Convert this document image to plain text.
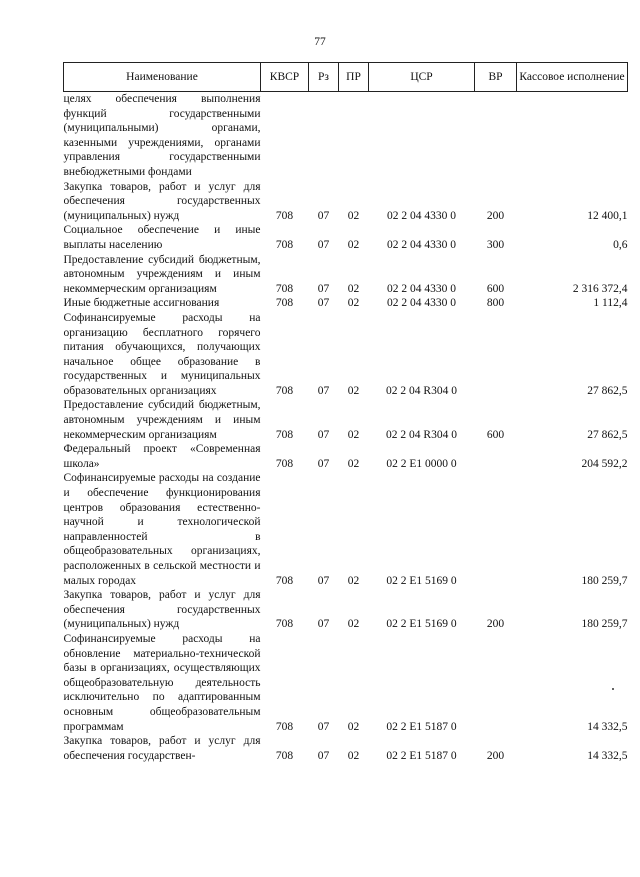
77
Наименование	КВСР	Рз	ПР	ЦСР	ВР	Кассовое исполнение
целях обеспечения выполнения функций государственными (муниципальными) органами, казенными учреждениями, органами управления государственными внебюджетными фондами						
Закупка товаров, работ и услуг для обеспечения государственных (муниципальных) нужд	708	07	02	02 2 04 4330 0	200	12 400,1
Социальное обеспечение и иные выплаты населению	708	07	02	02 2 04 4330 0	300	0,6
Предоставление субсидий бюджетным, автономным учреждениям и иным некоммерческим организациям	708	07	02	02 2 04 4330 0	600	2 316 372,4
Иные бюджетные ассигнования	708	07	02	02 2 04 4330 0	800	1 112,4
Софинансируемые расходы на организацию бесплатного горячего питания обучающихся, получающих начальное общее образование в государственных и муниципальных образовательных организациях	708	07	02	02 2 04 R304 0		27 862,5
Предоставление субсидий бюджетным, автономным учреждениям и иным некоммерческим организациям	708	07	02	02 2 04 R304 0	600	27 862,5
Федеральный проект «Современная школа»	708	07	02	02 2 E1 0000 0		204 592,2
Софинансируемые расходы на создание и обеспечение функционирования центров образования естественно-научной и технологической направленностей в общеобразовательных организациях, расположенных в сельской местности и малых городах	708	07	02	02 2 E1 5169 0		180 259,7
Закупка товаров, работ и услуг для обеспечения государственных (муниципальных) нужд	708	07	02	02 2 E1 5169 0	200	180 259,7
Софинансируемые расходы на обновление материально-технической базы в организациях, осуществляющих общеобразовательную деятельность исключительно по адаптированным основным общеобразовательным программам	708	07	02	02 2 E1 5187 0		14 332,5
Закупка товаров, работ и услуг для обеспечения государствен-	708	07	02	02 2 E1 5187 0	200	14 332,5
